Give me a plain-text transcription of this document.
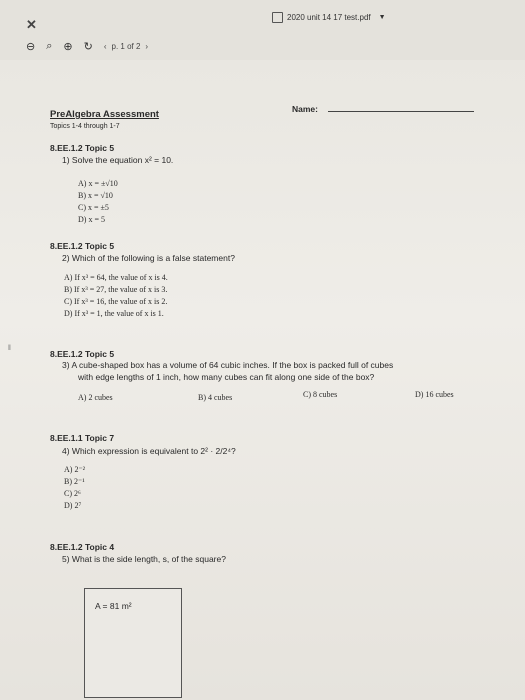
✕	2020 unit 14 17 test.pdf ▼
⊖ ⌕ ⊕ ↻ ‹ p. 1 of 2 ›
PreAlgebra Assessment
Topics 1-4 through 1-7
Name:
8.EE.1.2 Topic 5
1) Solve the equation x² = 10.
A) x = ±√10
B) x = √10
C) x = ±5
D) x = 5
8.EE.1.2 Topic 5
2) Which of the following is a false statement?
A) If x³ = 64, the value of x is 4.
B) If x³ = 27, the value of x is 3.
C) If x³ = 16, the value of x is 2.
D) If x³ = 1, the value of x is 1.
‖
8.EE.1.2 Topic 5
3) A cube-shaped box has a volume of 64 cubic inches. If the box is packed full of cubes
with edge lengths of 1 inch, how many cubes can fit along one side of the box?
A) 2 cubes	B) 4 cubes	C) 8 cubes	D) 16 cubes
8.EE.1.1 Topic 7
4) Which expression is equivalent to 2² · 2/2⁴?
A) 2⁻²
B) 2⁻¹
C) 2⁶
D) 2⁷
8.EE.1.2 Topic 4
5) What is the side length, s, of the square?
A = 81 m²
